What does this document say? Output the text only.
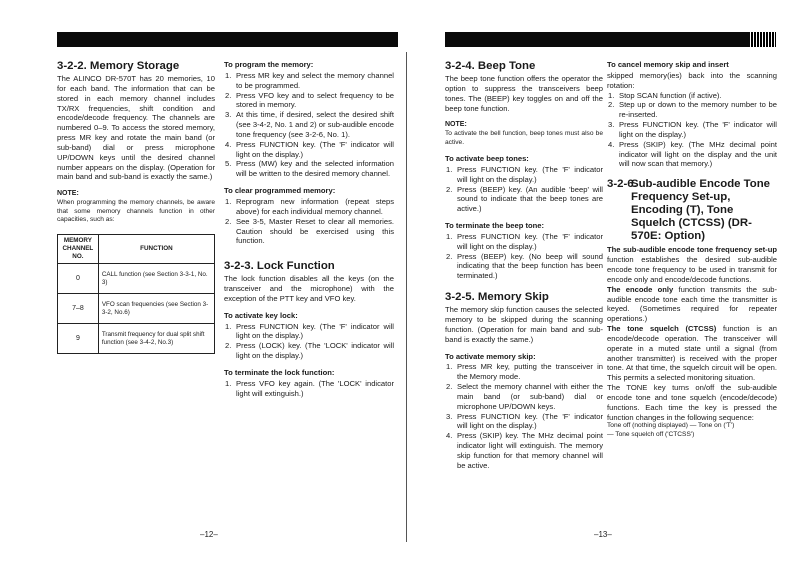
3-2-2. Memory Storage

The ALINCO DR-570T has 20 memories, 10 for each band. The information that can be stored in each memory channel includes TX/RX frequencies, shift condition and encode/decode frequency. The channels are numbered 0–9. To access the stored memory, press MR key and rotate the main band (or sub-band) dial or press microphone UP/DOWN keys until the desired channel number appears on the display. (Operation for main band and sub-band is exactly the same.)

NOTE:

When programming the memory channels, be aware that some memory channels function in other capacities, such as:

MEMORY CHANNEL NO.	FUNCTION
0	CALL function (see Section 3-3-1, No. 3)
7–8	VFO scan frequencies (see Section 3-3-2, No.6)
9	Transmit frequency for dual split shift function (see 3-4-2, No.3)
To program the memory:
1. Press MR key and select the memory channel to be programmed.
2. Press VFO key and to select frequency to be stored in memory.
3. At this time, if desired, select the desired shift (see 3-4-2, No. 1 and 2) or sub-audible encode tone frequency (see 3-2-6, No. 1).
4. Press FUNCTION key. (The 'F' indicator will light on the display.)
5. Press (MW) key and the selected information will be written to the desired memory channel.
To clear programmed memory:
1. Reprogram new information (repeat steps above) for each individual memory channel.
2. See 3-5, Master Reset to clear all memories. Caution should be exercised using this function.
3-2-3. Lock Function

The lock function disables all the keys (on the transceiver and the microphone) with the exception of the PTT key and VFO key.

To activate key lock:
1. Press FUNCTION key. (The 'F' indicator will light on the display.)
2. Press (LOCK) key. (The 'LOCK' indicator will light on the display.)
To terminate the lock function:
1. Press VFO key again. (The 'LOCK' indicator light will extinguish.)
–12–
3-2-4. Beep Tone

The beep tone function offers the operator the option to suppress the transceivers beep tones. The (BEEP) key toggles on and off the beep tone function.

NOTE:

To activate the bell function, beep tones must also be active.

To activate beep tones:
1. Press FUNCTION key. (The 'F' indicator will light on the display.)
2. Press (BEEP) key. (An audible 'beep' will sound to indicate that the beep tones are active.)
To terminate the beep tone:
1. Press FUNCTION key. (The 'F' indicator will light on the display.)
2. Press (BEEP) key. (No beep will sound indicating that the beep function has been terminated.)
3-2-5. Memory Skip

The memory skip function causes the selected memory to be skipped during the scanning function. (Operation for main band and sub-band is exactly the same.)

To activate memory skip:
1. Press MR key, putting the transceiver in the Memory mode.
2. Select the memory channel with either the main band (or sub-band) dial or microphone UP/DOWN keys.
3. Press FUNCTION key. (The 'F' indicator will light on the display.)
4. Press (SKIP) key. The MHz decimal point indicator light will extinguish. The memory skip function for that memory channel will be active.
To cancel memory skip and insert

skipped memory(ies) back into the scanning rotation:

1. Stop SCAN function (if active).
2. Step up or down to the memory number to be re-inserted.
3. Press FUNCTION key. (The 'F' indicator will light on the display.)
4. Press (SKIP) key. (The MHz decimal point indicator will light on the display and the unit will now scan that memory.)
3-2-6.
Sub-audible Encode Tone Frequency Set-up, Encoding (T), Tone Squelch (CTCSS) (DR-570E: Option)

The sub-audible encode tone frequency set-up function establishes the desired sub-audible encode tone frequency to be used in transmit for encode only and encode/decode functions.

The encode only function transmits the sub-audible encode tone each time the transmitter is keyed. (Sometimes required for repeater operations.)

The tone squelch (CTCSS) function is an encode/decode operation. The transceiver will operate in a muted state until a signal (from another transmitter) is received with the proper tone. At that time, the squelch circuit will be open. This permits a selected monitoring situation.

The TONE key turns on/off the sub-audible encode tone and tone squelch (encode/decode) functions. Each time the key is pressed the function changes in the following sequence:

Tone off (nothing displayed) — Tone on ('T')

— Tone squelch off ('CTCSS')

–13–
